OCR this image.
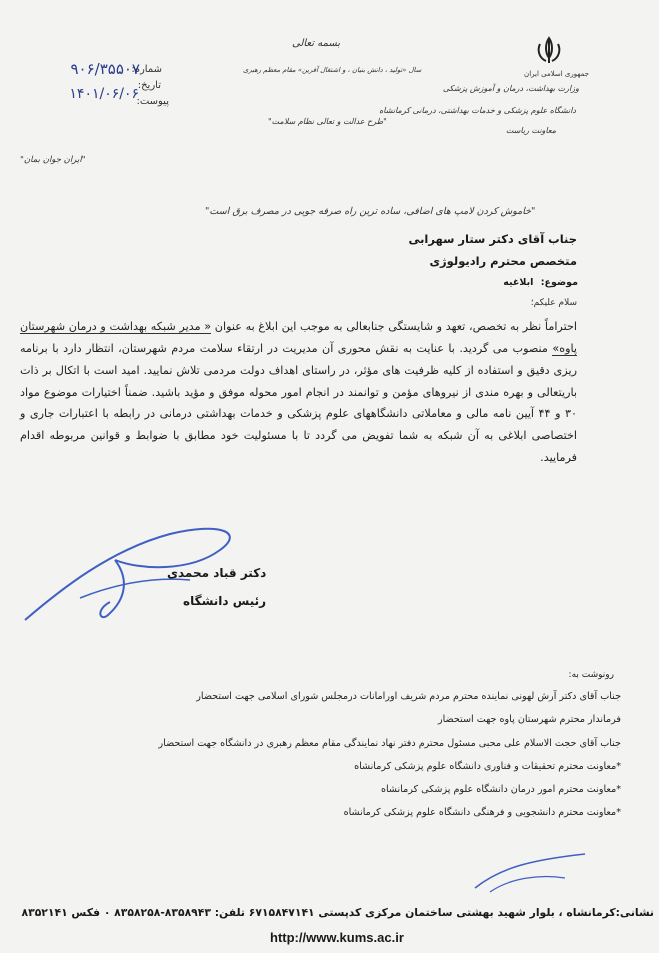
جمهوری اسلامی ایران
وزارت بهداشت، درمان و آموزش پزشکی
دانشگاه علوم پزشکی و خدمات بهداشتی، درمانی کرمانشاه
معاونت ریاست
بسمه تعالی
سال «تولید ، دانش بنیان ، و اشتغال آفرین» مقام معظم رهبری
"طرح عدالت و تعالی نظام سلامت"
شماره:
۹۰۶/۳۵۵۰۷
تاریخ:
۱۴۰۱/۰۶/۰۶
پیوست:
"ایران جوان بمان"
"خاموش کردن لامپ های اضافی، ساده ترین راه صرفه جویی در مصرف برق است"
جناب آقای دکتر ستار سهرابی
متخصص محترم رادیولوژی
موضوع: ابلاغیه
سلام علیکم؛
احتراماً نظر به تخصص، تعهد و شایستگی جنابعالی به موجب این ابلاغ به عنوان « مدیر شبکه بهداشت و درمان شهرستان پاوه» منصوب می گردید. با عنایت به نقش محوری آن مدیریت در ارتقاء سلامت مردم شهرستان، انتظار دارد با برنامه ریزی دقیق و استفاده از کلیه ظرفیت های مؤثر، در راستای اهداف دولت مردمی تلاش نمایید. امید است با اتکال بر ذات باریتعالی و بهره مندی از نیروهای مؤمن و توانمند در انجام امور محوله موفق و مؤید باشید. ضمناً اختیارات موضوع مواد ۳۰ و ۴۴ آیین نامه مالی و معاملاتی دانشگاههای علوم پزشکی و خدمات بهداشتی درمانی در رابطه با اعتبارات جاری و اختصاصی ابلاغی به آن شبکه به شما تفویض می گردد تا با مسئولیت خود مطابق با ضوابط و قوانین مربوطه اقدام فرمایید.
دکتر قباد محمدی
رئیس دانشگاه
رونوشت به:
جناب آقای دکتر آرش لهونی نماینده محترم مردم شریف اورامانات درمجلس شورای اسلامی جهت استحضار
فرماندار محترم شهرستان پاوه جهت استحضار
جناب آقای حجت الاسلام علی محبی مسئول محترم دفتر نهاد نمایندگی مقام معظم رهبری در دانشگاه جهت استحضار
*معاونت محترم تحقیقات و فناوری دانشگاه علوم پزشکی کرمانشاه
*معاونت محترم امور درمان دانشگاه علوم پزشکی کرمانشاه
*معاونت محترم دانشجویی و فرهنگی دانشگاه علوم پزشکی کرمانشاه
نشانی:کرمانشاه ، بلوار شهید بهشتی ساختمان مرکزی کدپستی ۶۷۱۵۸۴۷۱۴۱ تلفن: ۸۳۵۸۹۴۳-۸۳۵۸۲۵۸ ۰ فکس ۸۳۵۲۱۴۱
http://www.kums.ac.ir
